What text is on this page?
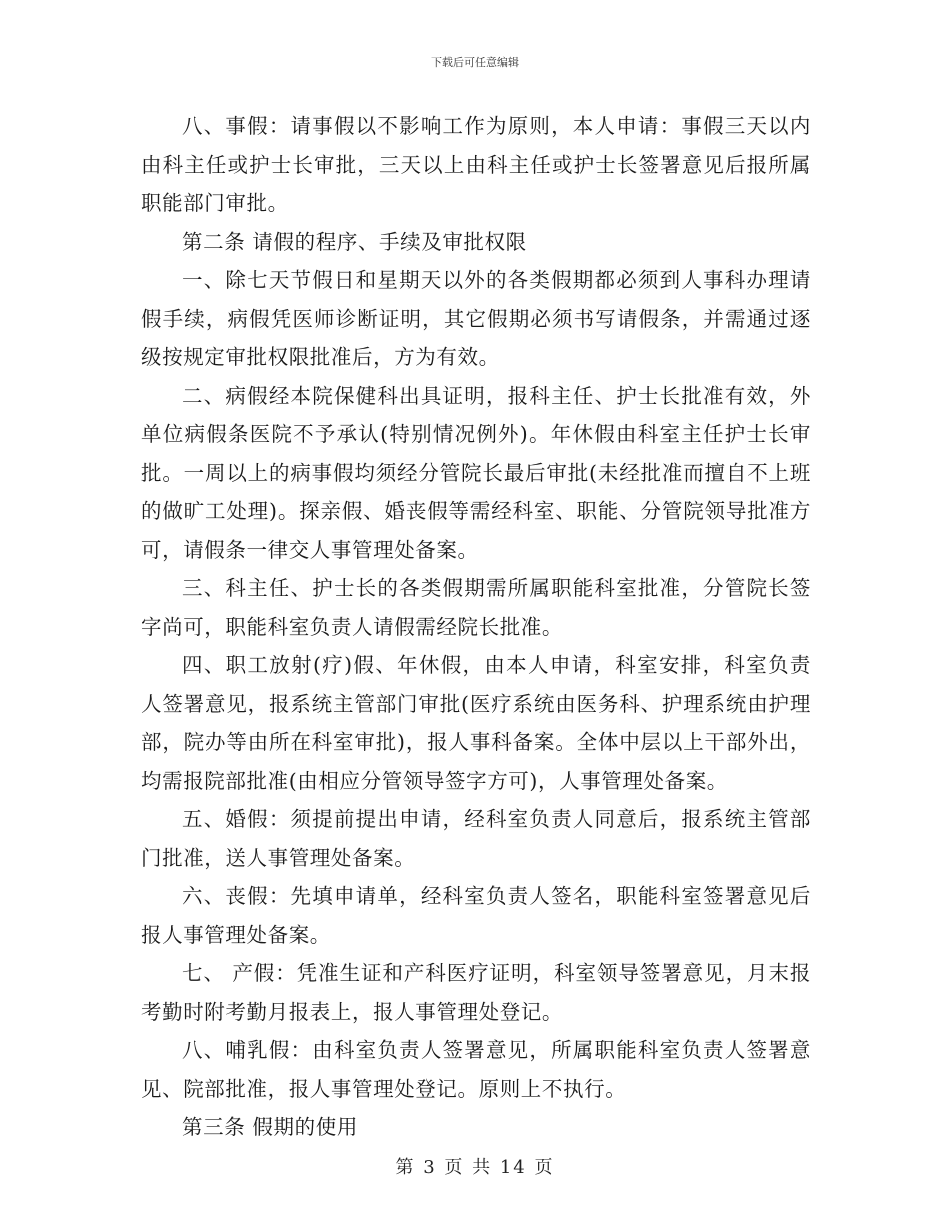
下载后可任意编辑

八、事假：请事假以不影响工作为原则，本人申请：事假三天以内由科主任或护士长审批，三天以上由科主任或护士长签署意见后报所属职能部门审批。

第二条 请假的程序、手续及审批权限

一、除七天节假日和星期天以外的各类假期都必须到人事科办理请假手续，病假凭医师诊断证明，其它假期必须书写请假条，并需通过逐级按规定审批权限批准后，方为有效。

二、病假经本院保健科出具证明，报科主任、护士长批准有效，外单位病假条医院不予承认(特别情况例外)。年休假由科室主任护士长审批。一周以上的病事假均须经分管院长最后审批(未经批准而擅自不上班的做旷工处理)。探亲假、婚丧假等需经科室、职能、分管院领导批准方可，请假条一律交人事管理处备案。

三、科主任、护士长的各类假期需所属职能科室批准，分管院长签字尚可，职能科室负责人请假需经院长批准。

四、职工放射(疗)假、年休假，由本人申请，科室安排，科室负责人签署意见，报系统主管部门审批(医疗系统由医务科、护理系统由护理部，院办等由所在科室审批)，报人事科备案。全体中层以上干部外出，均需报院部批准(由相应分管领导签字方可)，人事管理处备案。

五、婚假：须提前提出申请，经科室负责人同意后，报系统主管部门批准，送人事管理处备案。

六、丧假：先填申请单，经科室负责人签名，职能科室签署意见后报人事管理处备案。

七、 产假：凭准生证和产科医疗证明，科室领导签署意见，月末报考勤时附考勤月报表上，报人事管理处登记。

八、哺乳假：由科室负责人签署意见，所属职能科室负责人签署意见、院部批准，报人事管理处登记。原则上不执行。

第三条 假期的使用

第 3 页 共 14 页
